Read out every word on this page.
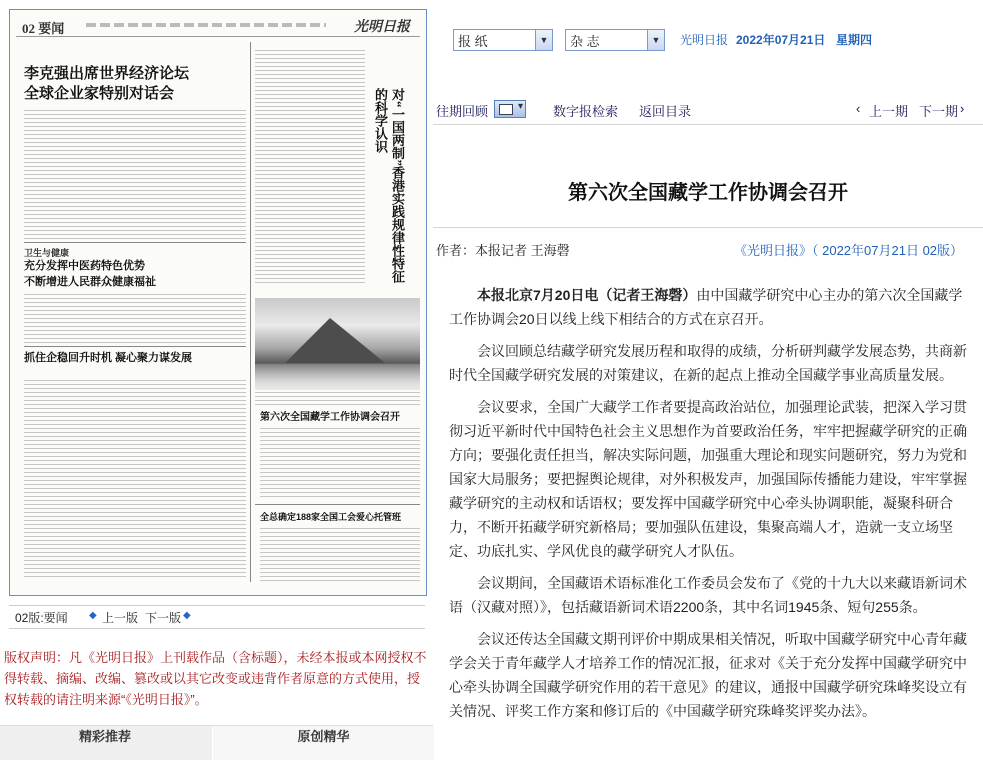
02 要闻	光明日报
李克强出席世界经济论坛
全球企业家特别对话会	对“一国两制”香港实践规律性特征的科学认识
卫生与健康
充分发挥中医药特色优势
不断增进人民群众健康福祉
抓住企稳回升时机 凝心聚力谋发展
第六次全国藏学工作协调会召开
全总确定188家全国工会爱心托管班
02版:要闻 ◆ 上一版 下一版 ◆
版权声明：凡《光明日报》上刊载作品（含标题），未经本报或本网授权不得转载、摘编、改编、篡改或以其它改变或违背作者原意的方式使用，授权转载的请注明来源“《光明日报》”。
精彩推荐	原创精华
报 纸	▼ 杂 志	▼ 光明日报 2022年07月21日 星期四
往期回顾
▾	数字报检索 返回目录	‹ 上一期 下一期 ›
第六次全国藏学工作协调会召开
作者：本报记者 王海磬	《光明日报》（ 2022年07月21日 02版）

本报北京7月20日电（记者王海磬）由中国藏学研究中心主办的第六次全国藏学工作协调会20日以线上线下相结合的方式在京召开。

会议回顾总结藏学研究发展历程和取得的成绩，分析研判藏学发展态势，共商新时代全国藏学研究发展的对策建议，在新的起点上推动全国藏学事业高质量发展。

会议要求，全国广大藏学工作者要提高政治站位，加强理论武装，把深入学习贯彻习近平新时代中国特色社会主义思想作为首要政治任务，牢牢把握藏学研究的正确方向；要强化责任担当，解决实际问题，加强重大理论和现实问题研究，努力为党和国家大局服务；要把握舆论规律，对外积极发声，加强国际传播能力建设，牢牢掌握藏学研究的主动权和话语权；要发挥中国藏学研究中心牵头协调职能，凝聚科研合力，不断开拓藏学研究新格局；要加强队伍建设，集聚高端人才，造就一支立场坚定、功底扎实、学风优良的藏学研究人才队伍。

会议期间，全国藏语术语标准化工作委员会发布了《党的十九大以来藏语新词术语（汉藏对照）》，包括藏语新词术语2200条，其中名词1945条、短句255条。

会议还传达全国藏文期刊评价中期成果相关情况，听取中国藏学研究中心青年藏学会关于青年藏学人才培养工作的情况汇报，征求对《关于充分发挥中国藏学研究中心牵头协调全国藏学研究作用的若干意见》的建议，通报中国藏学研究珠峰奖设立有关情况、评奖工作方案和修订后的《中国藏学研究珠峰奖评奖办法》。
